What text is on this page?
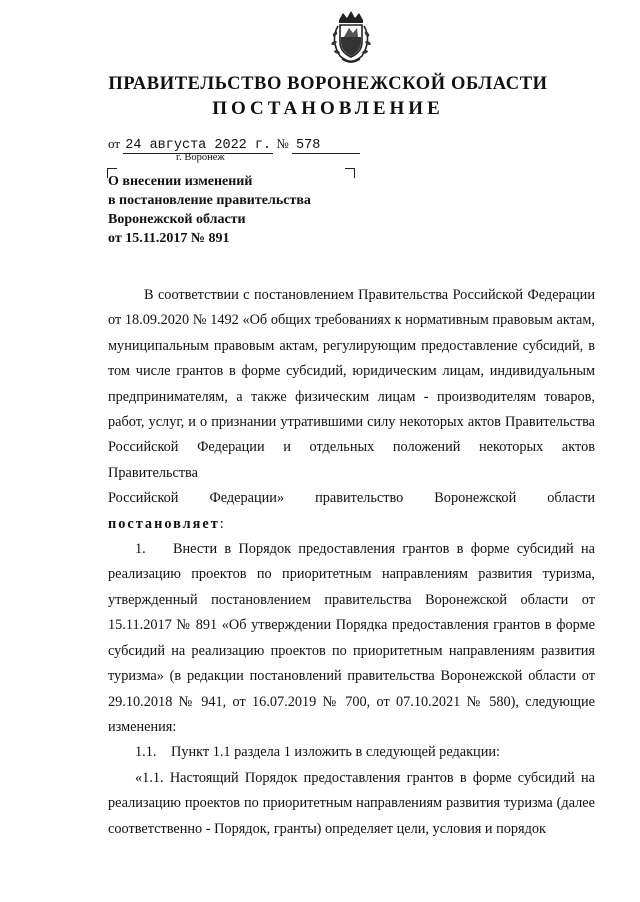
ПРАВИТЕЛЬСТВО ВОРОНЕЖСКОЙ ОБЛАСТИ
ПОСТАНОВЛЕНИЕ
от 24 августа 2022 г. № 578
г. Воронеж

О внесении изменений
в постановление правительства
Воронежской области
от 15.11.2017 № 891

В соответствии с постановлением Правительства Российской Федерации от 18.09.2020 № 1492 «Об общих требованиях к нормативным правовым актам, муниципальным правовым актам, регулирующим предоставление субсидий, в том числе грантов в форме субсидий, юридическим лицам, индивидуальным предпринимателям, а также физическим лицам - производителям товаров, работ, услуг, и о признании утратившими силу некоторых актов Правительства Российской Федерации и отдельных положений некоторых актов Правительства

Российской Федерации» правительство Воронежской области

постановляет:

1. Внести в Порядок предоставления грантов в форме субсидий на реализацию проектов по приоритетным направлениям развития туризма, утвержденный постановлением правительства Воронежской области от 15.11.2017 № 891 «Об утверждении Порядка предоставления грантов в форме субсидий на реализацию проектов по приоритетным направлениям развития туризма» (в редакции постановлений правительства Воронежской области от 29.10.2018 № 941, от 16.07.2019 № 700, от 07.10.2021 № 580), следующие изменения:

1.1. Пункт 1.1 раздела 1 изложить в следующей редакции:

«1.1. Настоящий Порядок предоставления грантов в форме субсидий на реализацию проектов по приоритетным направлениям развития туризма (далее соответственно - Порядок, гранты) определяет цели, условия и порядок
